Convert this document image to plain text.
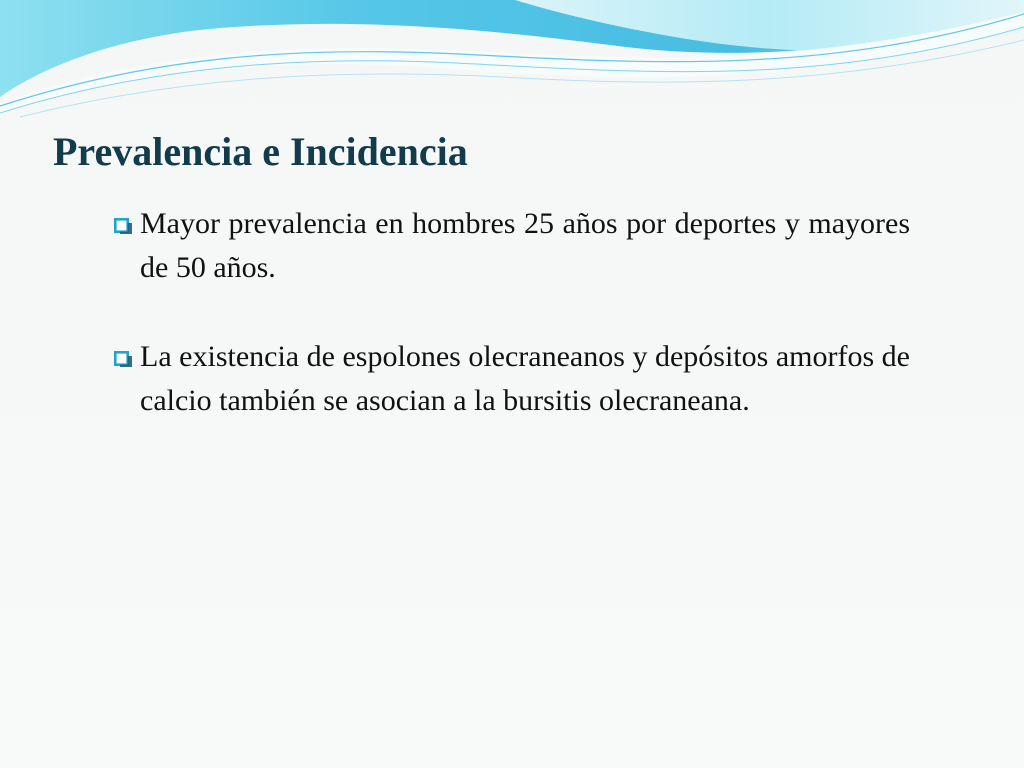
Prevalencia e Incidencia

Mayor prevalencia en hombres 25 años por deportes y mayores de 50 años.

La existencia de espolones olecraneanos y depósitos amorfos de calcio también se asocian a la bursitis olecraneana.
